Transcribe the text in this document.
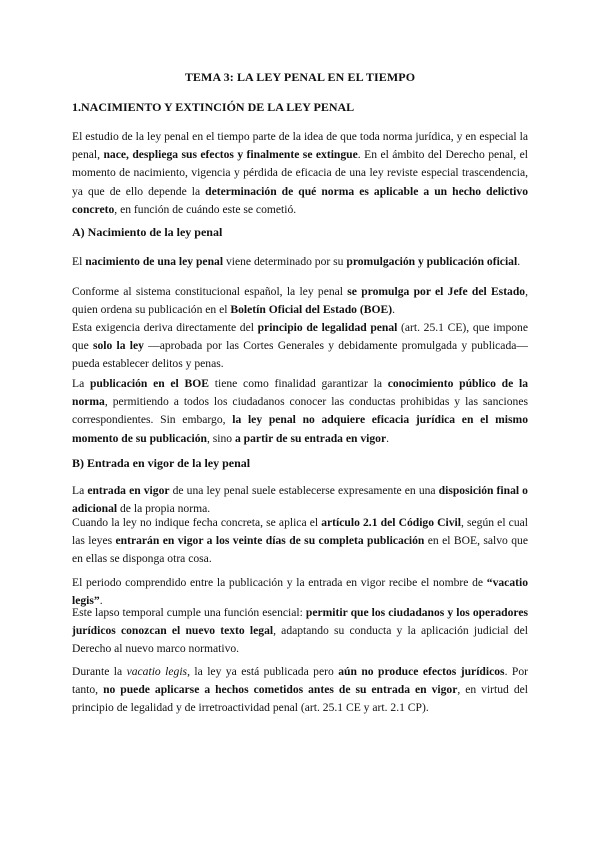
TEMA 3: LA LEY PENAL EN EL TIEMPO
1.NACIMIENTO Y EXTINCIÓN DE LA LEY PENAL
El estudio de la ley penal en el tiempo parte de la idea de que toda norma jurídica, y en especial la penal, nace, despliega sus efectos y finalmente se extingue. En el ámbito del Derecho penal, el momento de nacimiento, vigencia y pérdida de eficacia de una ley reviste especial trascendencia, ya que de ello depende la determinación de qué norma es aplicable a un hecho delictivo concreto, en función de cuándo este se cometió.
A) Nacimiento de la ley penal
El nacimiento de una ley penal viene determinado por su promulgación y publicación oficial.
Conforme al sistema constitucional español, la ley penal se promulga por el Jefe del Estado, quien ordena su publicación en el Boletín Oficial del Estado (BOE).
Esta exigencia deriva directamente del principio de legalidad penal (art. 25.1 CE), que impone que solo la ley —aprobada por las Cortes Generales y debidamente promulgada y publicada— pueda establecer delitos y penas.
La publicación en el BOE tiene como finalidad garantizar la conocimiento público de la norma, permitiendo a todos los ciudadanos conocer las conductas prohibidas y las sanciones correspondientes. Sin embargo, la ley penal no adquiere eficacia jurídica en el mismo momento de su publicación, sino a partir de su entrada en vigor.
B) Entrada en vigor de la ley penal
La entrada en vigor de una ley penal suele establecerse expresamente en una disposición final o adicional de la propia norma.
Cuando la ley no indique fecha concreta, se aplica el artículo 2.1 del Código Civil, según el cual las leyes entrarán en vigor a los veinte días de su completa publicación en el BOE, salvo que en ellas se disponga otra cosa.
El periodo comprendido entre la publicación y la entrada en vigor recibe el nombre de “vacatio legis”.
Este lapso temporal cumple una función esencial: permitir que los ciudadanos y los operadores jurídicos conozcan el nuevo texto legal, adaptando su conducta y la aplicación judicial del Derecho al nuevo marco normativo.
Durante la vacatio legis, la ley ya está publicada pero aún no produce efectos jurídicos. Por tanto, no puede aplicarse a hechos cometidos antes de su entrada en vigor, en virtud del principio de legalidad y de irretroactividad penal (art. 25.1 CE y art. 2.1 CP).
